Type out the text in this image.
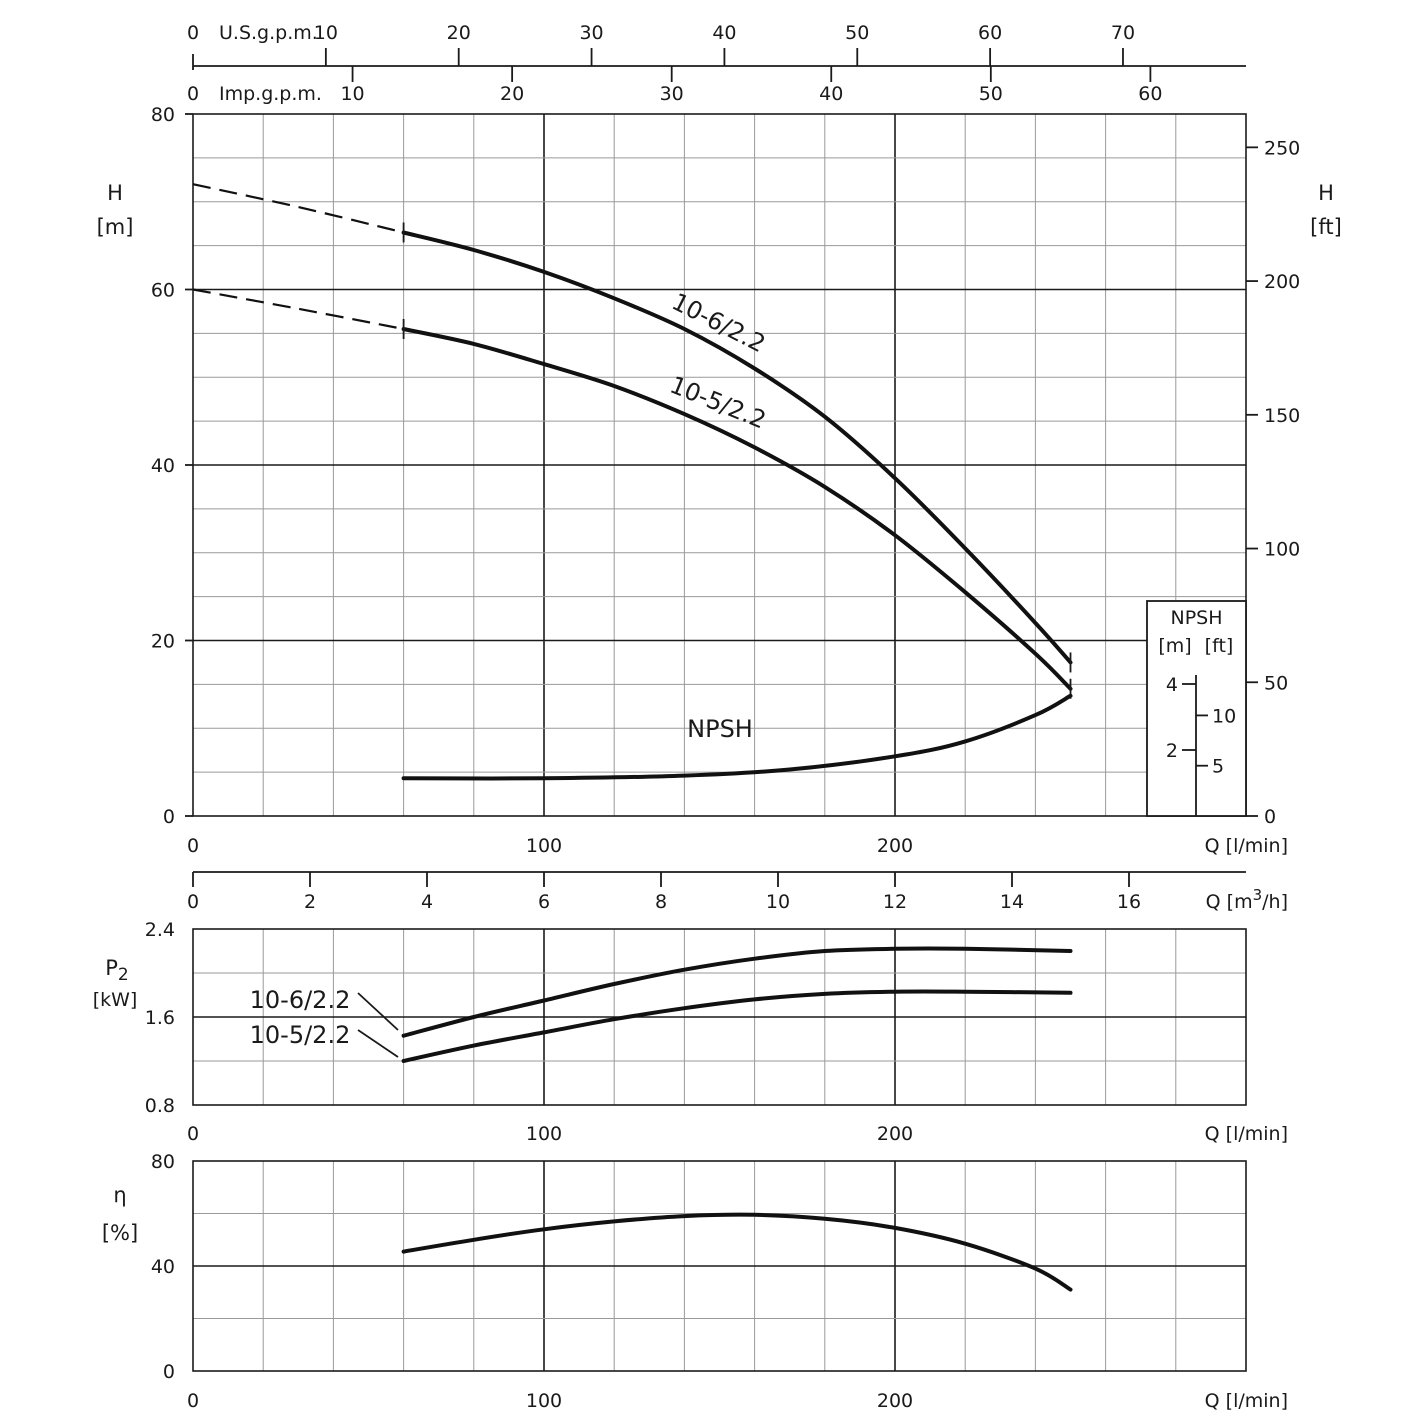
0
20
40
60
80
H
[m]
0
50
100
150
200
250
H
[ft]
0	100	200	Q [l/min]
0 U.S.g.p.m.
10	20	30	40	50	60	70
10	20	30	40	50	60
0 Imp.g.p.m.
0	2	4	6	8	10	12	14	16	Q $[m^3/h]$
10-6/2.2
10-5/2.2
NPSH
NPSH
[m] [ft]
2
4
5
10
0.8
1.6
2.4
$P_2$
[kW]
0	100	200	Q [l/min]
10-6/2.2
10-5/2.2
0
40
80
η
[%]
0	100	200	Q [l/min]
